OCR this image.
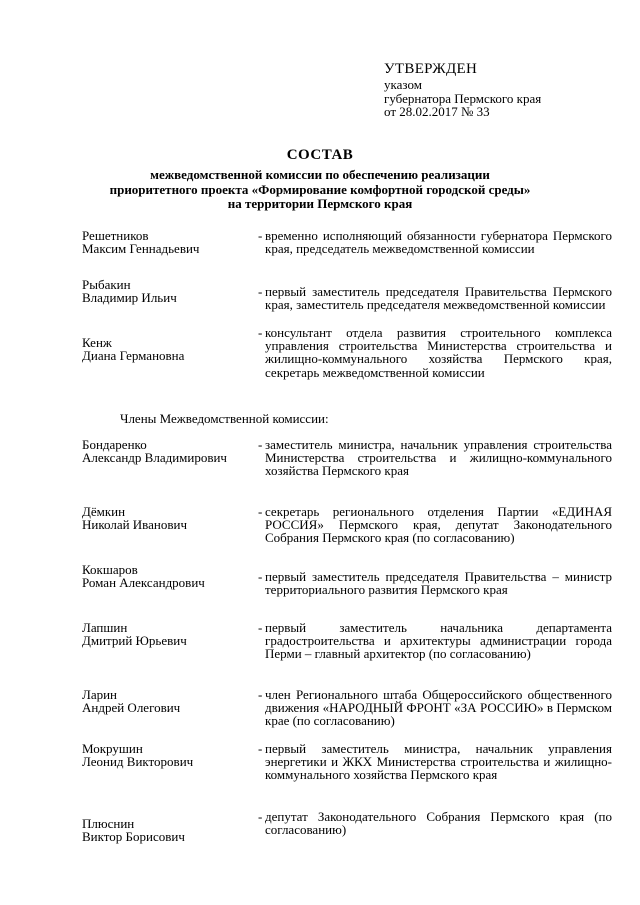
УТВЕРЖДЕН
указом
губернатора Пермского края
от 28.02.2017 № 33
СОСТАВ
межведомственной комиссии по обеспечению реализации
приоритетного проекта «Формирование комфортной городской среды»
на территории Пермского края
Решетников
Максим Геннадьевич
- временно исполняющий обязанности губернатора Пермского края, председатель межведомственной комиссии
Рыбакин
Владимир Ильич	- первый заместитель председателя Правительства Пермского края, заместитель председателя межведомственной комиссии
Кенж
Диана Германовна
- консультант отдела развития строительного комплекса управления строительства Министерства строительства и жилищно-коммунального хозяйства Пермского края, секретарь межведомственной комиссии
Члены Межведомственной комиссии:
Бондаренко
Александр Владимирович
- заместитель министра, начальник управления строительства Министерства строительства и жилищно-коммунального хозяйства Пермского края
Дёмкин
Николай Иванович
- секретарь регионального отделения Партии «ЕДИНАЯ РОССИЯ» Пермского края, депутат Законодательного Собрания Пермского края (по согласованию)
Кокшаров
Роман Александрович	- первый заместитель председателя Правительства – министр территориального развития Пермского края
Лапшин
Дмитрий Юрьевич
- первый заместитель начальника департамента градостроительства и архитектуры администрации города Перми – главный архитектор (по согласованию)
Ларин
Андрей Олегович
- член Регионального штаба Общероссийского общественного движения «НАРОДНЫЙ ФРОНТ «ЗА РОССИЮ» в Пермском крае (по согласованию)
Мокрушин
Леонид Викторович
- первый заместитель министра, начальник управления энергетики и ЖКХ Министерства строительства и жилищно-коммунального хозяйства Пермского края
Плюснин
Виктор Борисович
- депутат Законодательного Собрания Пермского края (по согласованию)
